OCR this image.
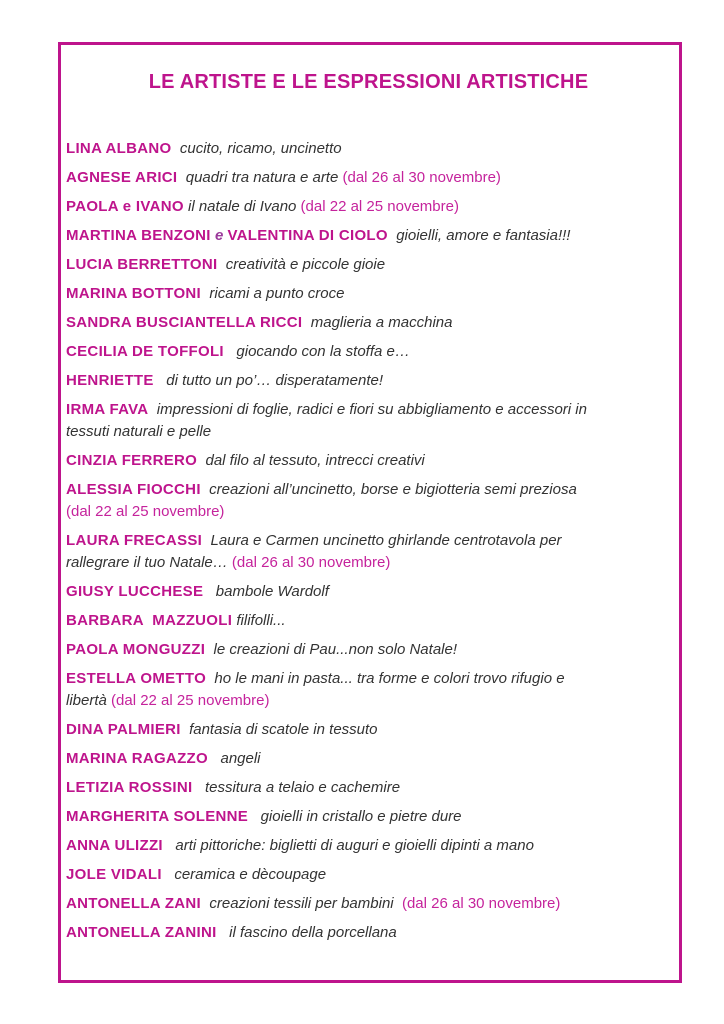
LE ARTISTE E LE ESPRESSIONI ARTISTICHE

LINA ALBANO  cucito, ricamo, uncinetto

AGNESE ARICI  quadri tra natura e arte (dal 26 al 30 novembre)

PAOLA e IVANO il natale di Ivano (dal 22 al 25 novembre)

MARTINA BENZONI e VALENTINA DI CIOLO  gioielli, amore e fantasia!!!

LUCIA BERRETTONI  creatività e piccole gioie

MARINA BOTTONI  ricami a punto croce

SANDRA BUSCIANTELLA RICCI  maglieria a macchina

CECILIA DE TOFFOLI   giocando con la stoffa e…

HENRIETTE   di tutto un po’… disperatamente!

IRMA FAVA  impressioni di foglie, radici e fiori su abbigliamento e accessori in
tessuti naturali e pelle

CINZIA FERRERO  dal filo al tessuto, intrecci creativi

ALESSIA FIOCCHI  creazioni all’uncinetto, borse e bigiotteria semi preziosa
(dal 22 al 25 novembre)

LAURA FRECASSI  Laura e Carmen uncinetto ghirlande centrotavola per
rallegrare il tuo Natale… (dal 26 al 30 novembre)

GIUSY LUCCHESE   bambole Wardolf

BARBARA  MAZZUOLI filifolli...

PAOLA MONGUZZI  le creazioni di Pau...non solo Natale!

ESTELLA OMETTO  ho le mani in pasta... tra forme e colori trovo rifugio e
libertà (dal 22 al 25 novembre)

DINA PALMIERI  fantasia di scatole in tessuto

MARINA RAGAZZO   angeli

LETIZIA ROSSINI   tessitura a telaio e cachemire

MARGHERITA SOLENNE   gioielli in cristallo e pietre dure

ANNA ULIZZI   arti pittoriche: biglietti di auguri e gioielli dipinti a mano

JOLE VIDALI   ceramica e dècoupage

ANTONELLA ZANI  creazioni tessili per bambini  (dal 26 al 30 novembre)

ANTONELLA ZANINI   il fascino della porcellana
